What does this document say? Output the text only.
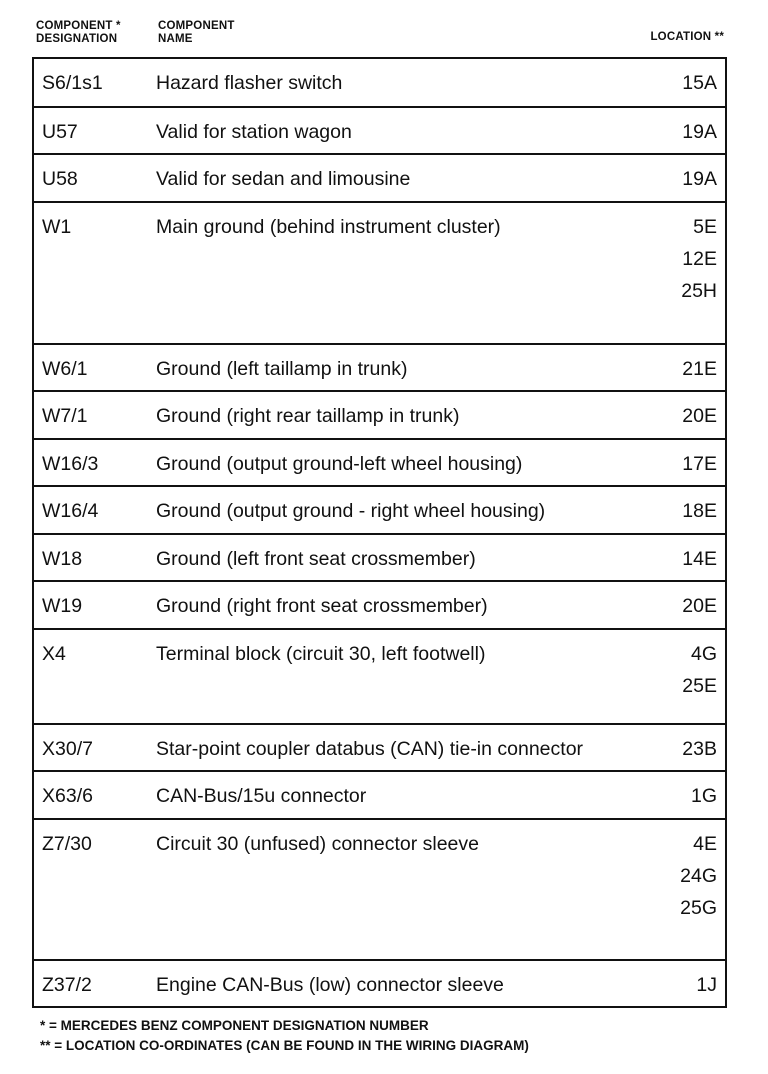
COMPONENT *
DESIGNATION
COMPONENT
NAME	LOCATION **
S6/1s1	Hazard flasher switch	15A
U57	Valid for station wagon	19A
U58	Valid for sedan and limousine	19A
W1	Main ground (behind instrument cluster)	5E
12E
25H
W6/1	Ground (left taillamp in trunk)	21E
W7/1	Ground (right rear taillamp in trunk)	20E
W16/3	Ground (output ground-left wheel housing)	17E
W16/4	Ground (output ground - right wheel housing)	18E
W18	Ground (left front seat crossmember)	14E
W19	Ground (right front seat crossmember)	20E
X4	Terminal block (circuit 30, left footwell)	4G
25E
X30/7	Star-point coupler databus (CAN) tie-in connector	23B
X63/6	CAN-Bus/15u connector	1G
Z7/30	Circuit 30 (unfused) connector sleeve	4E
24G
25G
Z37/2	Engine CAN-Bus (low) connector sleeve	1J
* = MERCEDES BENZ COMPONENT DESIGNATION NUMBER
** = LOCATION CO-ORDINATES (CAN BE FOUND IN THE WIRING DIAGRAM)
